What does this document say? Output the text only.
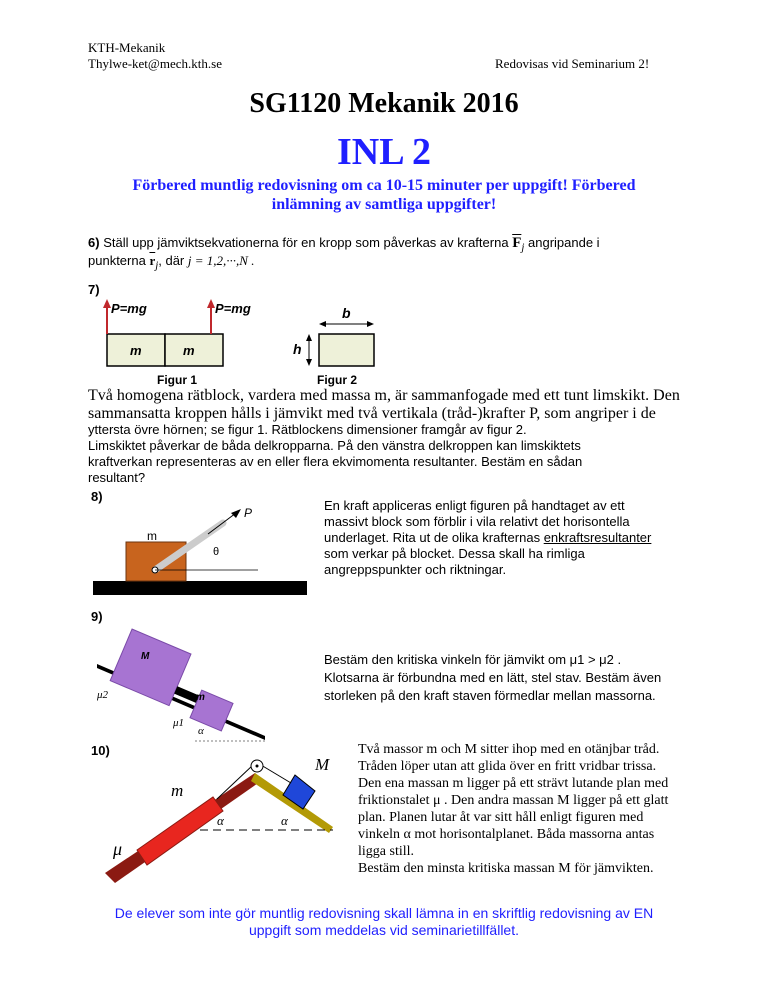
KTH-Mekanik
Thylwe-ket@mech.kth.se	Redovisas vid Seminarium 2!
SG1120 Mekanik 2016
INL 2
Förbered muntlig redovisning om ca 10-15 minuter per uppgift! Förbered
inlämning av samtliga uppgifter!
6) Ställ upp jämviktsekvationerna för en kropp som påverkas av krafterna $\overline{F}_j$ angripande i
punkterna $\overline{r}_j$, där j = 1,2,···,N .
7)
m	m
P=mg	P=mg	b
h
Figur 1	Figur 2
Två homogena rätblock, vardera med massa m, är sammanfogade med ett tunt limskikt. Den
sammansatta kroppen hålls i jämvikt med två vertikala (tråd-)krafter P, som angriper i de
yttersta övre hörnen; se figur 1. Rätblockens dimensioner framgår av figur 2.
Limskiktet påverkar de båda delkropparna. På den vänstra delkroppen kan limskiktets
kraftverkan representeras av en eller flera ekvimomenta resultanter. Bestäm en sådan
resultant?
8)
m
P
θ
En kraft appliceras enligt figuren på handtaget av ett
massivt block som förblir i vila relativt det horisontella
underlaget. Rita ut de olika krafternas enkraftsresultanter
som verkar på blocket. Dessa skall ha rimliga
angreppspunkter och riktningar.
9)
M
m
μ2
μ1
α
Bestäm den kritiska vinkeln för jämvikt om μ1 > μ2 .
Klotsarna är förbundna med en lätt, stel stav. Bestäm även
storleken på den kraft staven förmedlar mellan massorna.
10)
α	α
M
m
μ
Två massor m och M sitter ihop med en otänjbar tråd.
Tråden löper utan att glida över en fritt vridbar trissa.
Den ena massan m ligger på ett strävt lutande plan med
friktionstalet μ . Den andra massan M ligger på ett glatt
plan. Planen lutar åt var sitt håll enligt figuren med
vinkeln α mot horisontalplanet. Båda massorna antas
ligga still.
Bestäm den minsta kritiska massan M för jämvikten.
De elever som inte gör muntlig redovisning skall lämna in en skriftlig redovisning av EN
uppgift som meddelas vid seminarietillfället.
